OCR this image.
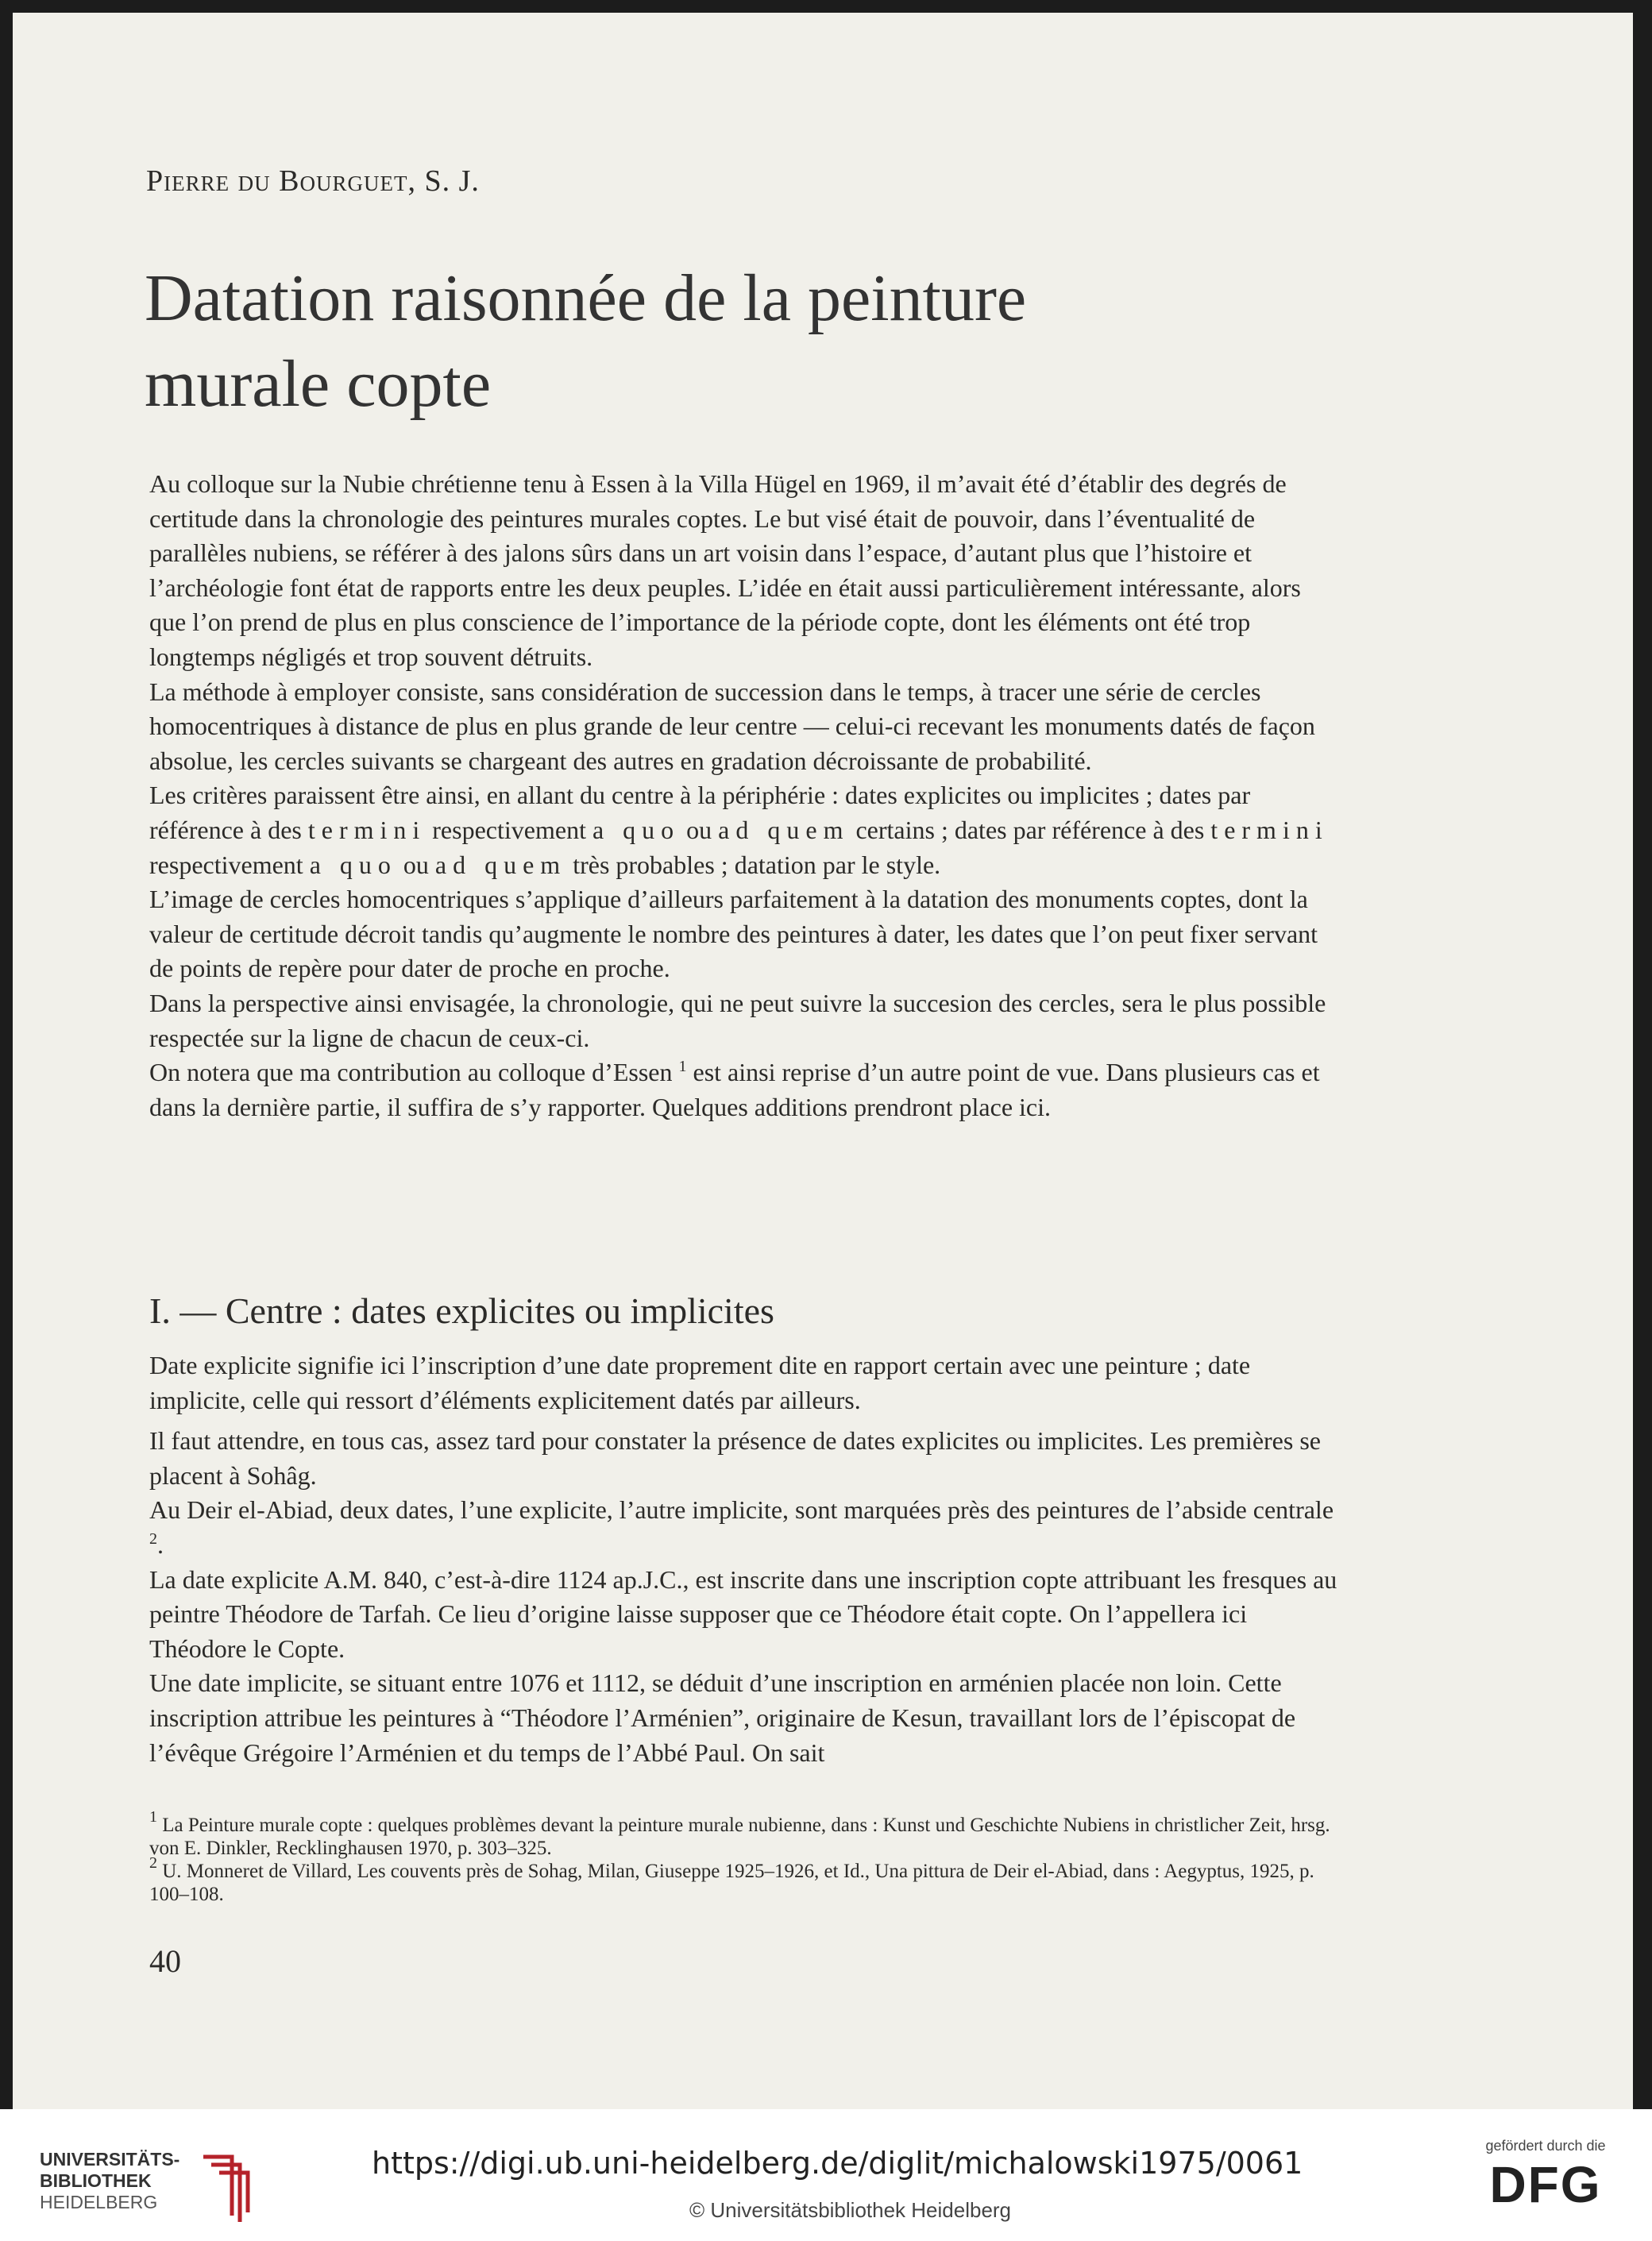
Pierre du Bourguet, S. J.
Datation raisonnée de la peinture
murale copte

Au colloque sur la Nubie chrétienne tenu à Essen à la Villa Hügel en 1969, il m’avait été d’établir des degrés de certitude dans la chronologie des peintures murales coptes. Le but visé était de pouvoir, dans l’éventualité de parallèles nubiens, se référer à des jalons sûrs dans un art voisin dans l’espace, d’autant plus que l’histoire et l’archéologie font état de rapports entre les deux peuples. L’idée en était aussi particulièrement intéressante, alors que l’on prend de plus en plus conscience de l’importance de la période copte, dont les éléments ont été trop longtemps négligés et trop souvent détruits.

La méthode à employer consiste, sans considération de succession dans le temps, à tracer une série de cercles homocentriques à distance de plus en plus grande de leur centre — celui-ci recevant les monuments datés de façon absolue, les cercles suivants se chargeant des autres en gradation décroissante de probabilité.

Les critères paraissent être ainsi, en allant du centre à la périphérie : dates explicites ou implicites ; dates par référence à des termini respectivement a quo ou ad quem certains ; dates par référence à des termini respectivement a quo ou ad quem très probables ; datation par le style.

L’image de cercles homocentriques s’applique d’ailleurs parfaitement à la datation des monuments coptes, dont la valeur de certitude décroit tandis qu’augmente le nombre des peintures à dater, les dates que l’on peut fixer servant de points de repère pour dater de proche en proche.

Dans la perspective ainsi envisagée, la chronologie, qui ne peut suivre la succesion des cercles, sera le plus possible respectée sur la ligne de chacun de ceux-ci.

On notera que ma contribution au colloque d’Essen $^1$ est ainsi reprise d’un autre point de vue. Dans plusieurs cas et dans la dernière partie, il suffira de s’y rapporter. Quelques additions prendront place ici.

I. — Centre : dates explicites ou implicites

Date explicite signifie ici l’inscription d’une date proprement dite en rapport certain avec une peinture ; date implicite, celle qui ressort d’éléments explicitement datés par ailleurs.

Il faut attendre, en tous cas, assez tard pour constater la présence de dates explicites ou implicites. Les premières se placent à Sohâg.

Au Deir el-Abiad, deux dates, l’une explicite, l’autre implicite, sont marquées près des peintures de l’abside centrale $^2$.

La date explicite A.M. 840, c’est-à-dire 1124 ap.J.C., est inscrite dans une inscription copte attribuant les fresques au peintre Théodore de Tarfah. Ce lieu d’origine laisse supposer que ce Théodore était copte. On l’appellera ici Théodore le Copte.

Une date implicite, se situant entre 1076 et 1112, se déduit d’une inscription en arménien placée non loin. Cette inscription attribue les peintures à “Théodore l’Arménien”, originaire de Kesun, travaillant lors de l’épiscopat de l’évêque Grégoire l’Arménien et du temps de l’Abbé Paul. On sait

$^1$ La Peinture murale copte : quelques problèmes devant la peinture murale nubienne, dans : Kunst und Geschichte Nubiens in christlicher Zeit, hrsg. von E. Dinkler, Recklinghausen 1970, p. 303–325.

$^2$ U. Monneret de Villard, Les couvents près de Sohag, Milan, Giuseppe 1925–1926, et Id., Una pittura de Deir el-Abiad, dans : Aegyptus, 1925, p. 100–108.

40
UNIVERSITÄTS-
BIBLIOTHEK
HEIDELBERG
https://digi.ub.uni-heidelberg.de/diglit/michalowski1975/0061
© Universitätsbibliothek Heidelberg
gefördert durch die
DFG
